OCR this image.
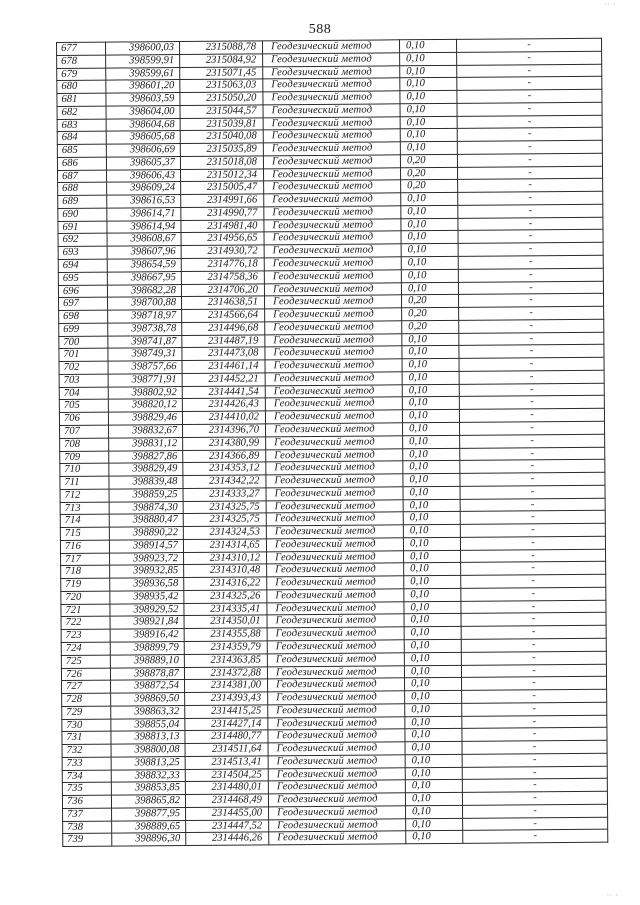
·· ·
588
677	398600,03	2315088,78	Геодезический метод	0,10	-
678	398599,91	2315084,92	Геодезический метод	0,10	-
679	398599,61	2315071,45	Геодезический метод	0,10	-
680	398601,20	2315063,03	Геодезический метод	0,10	-
681	398603,59	2315050,20	Геодезический метод	0,10	-
682	398604,00	2315044,57	Геодезический метод	0,10	-
683	398604,68	2315039,81	Геодезический метод	0,10	-
684	398605,68	2315040,08	Геодезический метод	0,10	-
685	398606,69	2315035,89	Геодезический метод	0,10	-
686	398605,37	2315018,08	Геодезический метод	0,20	-
687	398606,43	2315012,34	Геодезический метод	0,20	-
688	398609,24	2315005,47	Геодезический метод	0,20	-
689	398616,53	2314991,66	Геодезический метод	0,10	-
690	398614,71	2314990,77	Геодезический метод	0,10	-
691	398614,94	2314981,40	Геодезический метод	0,10	-
692	398608,67	2314956,65	Геодезический метод	0,10	-
693	398607,96	2314930,72	Геодезический метод	0,10	-
694	398654,59	2314776,18	Геодезический метод	0,10	-
695	398667,95	2314758,36	Геодезический метод	0,10	-
696	398682,28	2314706,20	Геодезический метод	0,10	-
697	398700,88	2314638,51	Геодезический метод	0,20	-
698	398718,97	2314566,64	Геодезический метод	0,20	-
699	398738,78	2314496,68	Геодезический метод	0,20	-
700	398741,87	2314487,19	Геодезический метод	0,10	-
701	398749,31	2314473,08	Геодезический метод	0,10	-
702	398757,66	2314461,14	Геодезический метод	0,10	-
703	398771,91	2314452,21	Геодезический метод	0,10	-
704	398802,92	2314441,54	Геодезический метод	0,10	-
705	398820,12	2314426,43	Геодезический метод	0,10	-
706	398829,46	2314410,02	Геодезический метод	0,10	-
707	398832,67	2314396,70	Геодезический метод	0,10	-
708	398831,12	2314380,99	Геодезический метод	0,10	-
709	398827,86	2314366,89	Геодезический метод	0,10	-
710	398829,49	2314353,12	Геодезический метод	0,10	-
711	398839,48	2314342,22	Геодезический метод	0,10	-
712	398859,25	2314333,27	Геодезический метод	0,10	-
713	398874,30	2314325,75	Геодезический метод	0,10	-
714	398880,47	2314325,75	Геодезический метод	0,10	-
715	398890,22	2314324,53	Геодезический метод	0,10	-
716	398914,57	2314314,65	Геодезический метод	0,10	-
717	398923,72	2314310,12	Геодезический метод	0,10	-
718	398932,85	2314310,48	Геодезический метод	0,10	-
719	398936,58	2314316,22	Геодезический метод	0,10	-
720	398935,42	2314325,26	Геодезический метод	0,10	-
721	398929,52	2314335,41	Геодезический метод	0,10	-
722	398921,84	2314350,01	Геодезический метод	0,10	-
723	398916,42	2314355,88	Геодезический метод	0,10	-
724	398899,79	2314359,79	Геодезический метод	0,10	-
725	398889,10	2314363,85	Геодезический метод	0,10	-
726	398878,87	2314372,88	Геодезический метод	0,10	-
727	398872,54	2314381,00	Геодезический метод	0,10	-
728	398869,50	2314393,43	Геодезический метод	0,10	-
729	398863,32	2314415,25	Геодезический метод	0,10	-
730	398855,04	2314427,14	Геодезический метод	0,10	-
731	398813,13	2314480,77	Геодезический метод	0,10	-
732	398800,08	2314511,64	Геодезический метод	0,10	-
733	398813,25	2314513,41	Геодезический метод	0,10	-
734	398832,33	2314504,25	Геодезический метод	0,10	-
735	398853,85	2314480,01	Геодезический метод	0,10	-
736	398865,82	2314468,49	Геодезический метод	0,10	-
737	398877,95	2314455,00	Геодезический метод	0,10	-
738	398889,65	2314447,52	Геодезический метод	0,10	-
739	398896,30	2314446,26	Геодезический метод	0,10	-
·· ·
